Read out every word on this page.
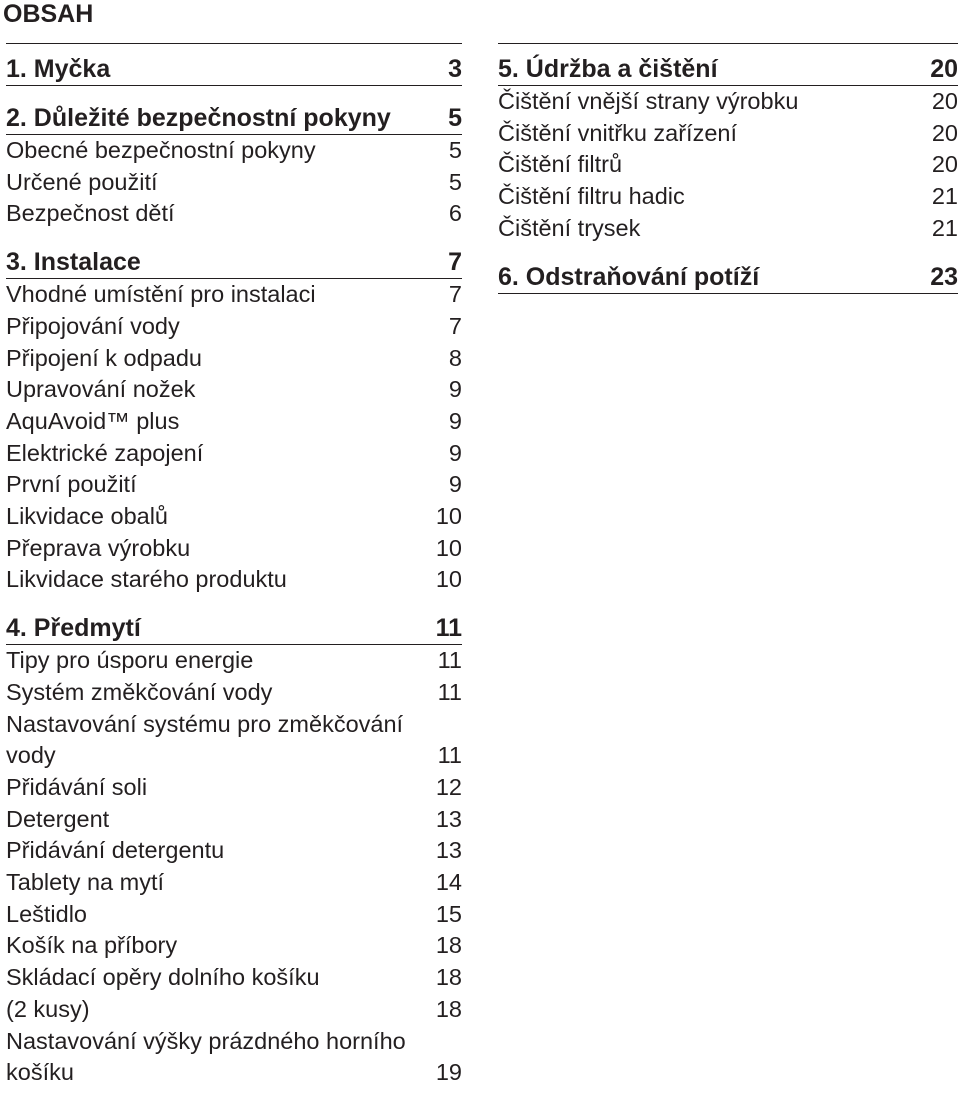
OBSAH
1. Myčka	3
2. Důležité bezpečnostní pokyny	5
Obecné bezpečnostní pokyny	5
Určené použití	5
Bezpečnost dětí	6
3. Instalace	7
Vhodné umístění pro instalaci	7
Připojování vody	7
Připojení k odpadu	8
Upravování nožek	9
AquAvoid™ plus	9
Elektrické zapojení	9
První použití	9
Likvidace obalů	10
Přeprava výrobku	10
Likvidace starého produktu	10
4. Předmytí	11
Tipy pro úsporu energie	11
Systém změkčování vody	11
Nastavování systému pro změkčování vody	11
Přidávání soli	12
Detergent	13
Přidávání detergentu	13
Tablety na mytí	14
Leštidlo	15
Košík na příbory	18
Skládací opěry dolního košíku	18
(2 kusy)	18
Nastavování výšky prázdného horního košíku	19
5. Údržba a čištění	20
Čištění vnější strany výrobku	20
Čištění vnitřku zařízení	20
Čištění filtrů	20
Čištění filtru hadic	21
Čištění trysek	21
6. Odstraňování potíží	23
